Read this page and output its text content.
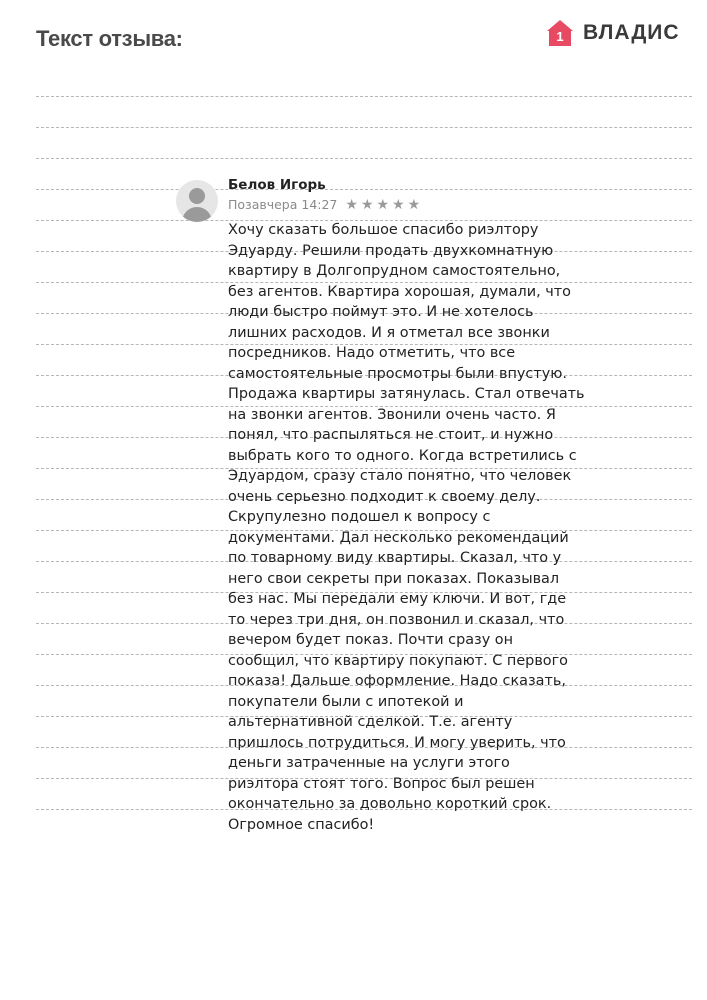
Текст отзыва:	1 ВЛАДИС
Белов Игорь
Позавчера 14:27 ★★★★★
Хочу сказать большое спасибо риэлтору
Эдуарду. Решили продать двухкомнатную
квартиру в Долгопрудном самостоятельно,
без агентов. Квартира хорошая, думали, что
люди быстро поймут это. И не хотелось
лишних расходов. И я отметал все звонки
посредников. Надо отметить, что все
самостоятельные просмотры были впустую.
Продажа квартиры затянулась. Стал отвечать
на звонки агентов. Звонили очень часто. Я
понял, что распыляться не стоит, и нужно
выбрать кого то одного. Когда встретились с
Эдуардом, сразу стало понятно, что человек
очень серьезно подходит к своему делу.
Скрупулезно подошел к вопросу с
документами. Дал несколько рекомендаций
по товарному виду квартиры. Сказал, что у
него свои секреты при показах. Показывал
без нас. Мы передали ему ключи. И вот, где
то через три дня, он позвонил и сказал, что
вечером будет показ. Почти сразу он
сообщил, что квартиру покупают. С первого
показа! Дальше оформление. Надо сказать,
покупатели были с ипотекой и
альтернативной сделкой. Т.е. агенту
пришлось потрудиться. И могу уверить, что
деньги затраченные на услуги этого
риэлтора стоят того. Вопрос был решен
окончательно за довольно короткий срок.
Огромное спасибо!
